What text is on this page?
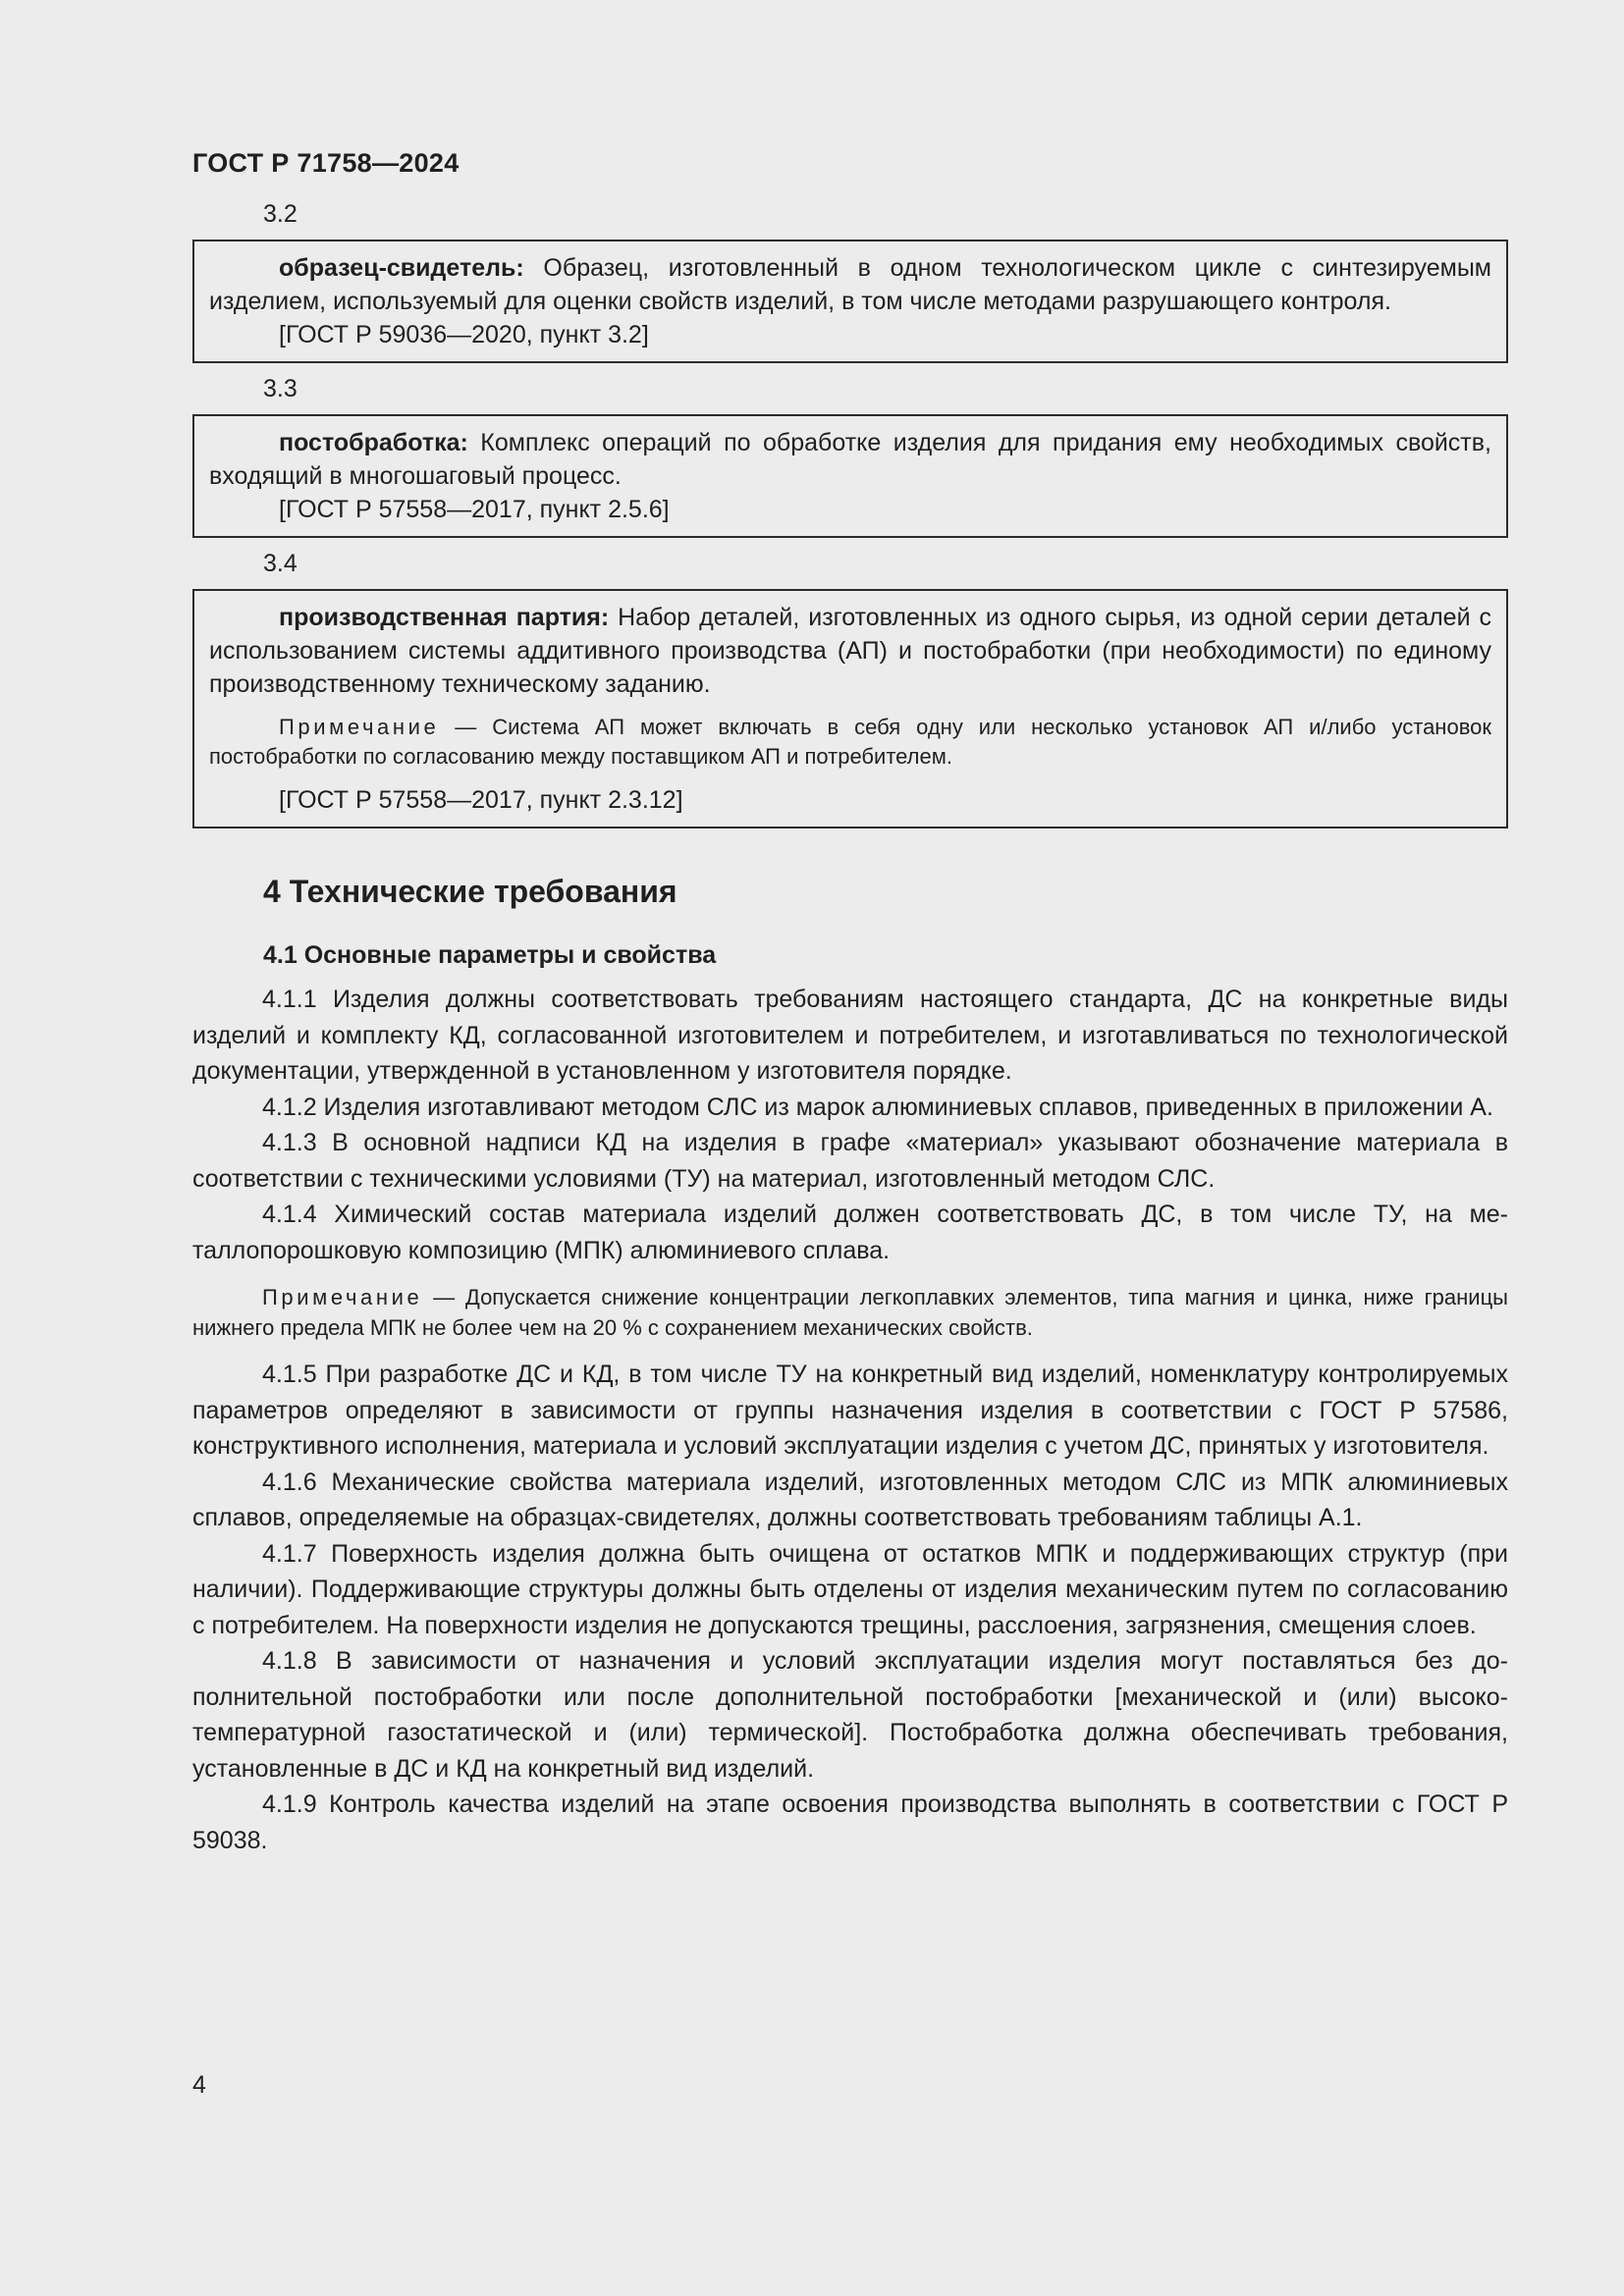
ГОСТ Р 71758—2024
3.2

образец-свидетель: Образец, изготовленный в одном технологическом цикле с синтезируемым изделием, используемый для оценки свойств изделий, в том числе методами разрушающего контроля.

[ГОСТ Р 59036—2020, пункт 3.2]

3.3

постобработка: Комплекс операций по обработке изделия для придания ему необходимых свойств, входящий в многошаговый процесс.

[ГОСТ Р 57558—2017, пункт 2.5.6]

3.4

производственная партия: Набор деталей, изготовленных из одного сырья, из одной серии деталей с использованием системы аддитивного производства (АП) и постобработки (при необходимости) по единому производственному техническому заданию.

Примечание — Система АП может включать в себя одну или несколько установок АП и/либо установок постобработки по согласованию между поставщиком АП и потребителем.

[ГОСТ Р 57558—2017, пункт 2.3.12]

4 Технические требования
4.1 Основные параметры и свойства

4.1.1 Изделия должны соответствовать требованиям настоящего стандарта, ДС на конкретные виды изделий и комплекту КД, согласованной изготовителем и потребителем, и изготавливаться по технологической документации, утвержденной в установленном у изготовителя порядке.

4.1.2 Изделия изготавливают методом СЛС из марок алюминиевых сплавов, приведенных в приложении А.

4.1.3 В основной надписи КД на изделия в графе «материал» указывают обозначение материала в соответствии с техническими условиями (ТУ) на материал, изготовленный методом СЛС.

4.1.4 Химический состав материала изделий должен соответствовать ДС, в том числе ТУ, на металлопорошковую композицию (МПК) алюминиевого сплава.

Примечание — Допускается снижение концентрации легкоплавких элементов, типа магния и цинка, ниже границы нижнего предела МПК не более чем на 20 % с сохранением механических свойств.

4.1.5 При разработке ДС и КД, в том числе ТУ на конкретный вид изделий, номенклатуру контролируемых параметров определяют в зависимости от группы назначения изделия в соответствии с ГОСТ Р 57586, конструктивного исполнения, материала и условий эксплуатации изделия с учетом ДС, принятых у изготовителя.

4.1.6 Механические свойства материала изделий, изготовленных методом СЛС из МПК алюминиевых сплавов, определяемые на образцах-свидетелях, должны соответствовать требованиям таблицы А.1.

4.1.7 Поверхность изделия должна быть очищена от остатков МПК и поддерживающих структур (при наличии). Поддерживающие структуры должны быть отделены от изделия механическим путем по согласованию с потребителем. На поверхности изделия не допускаются трещины, расслоения, загрязнения, смещения слоев.

4.1.8 В зависимости от назначения и условий эксплуатации изделия могут поставляться без дополнительной постобработки или после дополнительной постобработки [механической и (или) высокотемпературной газостатической и (или) термической]. Постобработка должна обеспечивать требования, установленные в ДС и КД на конкретный вид изделий.

4.1.9 Контроль качества изделий на этапе освоения производства выполнять в соответствии с ГОСТ Р 59038.

4
